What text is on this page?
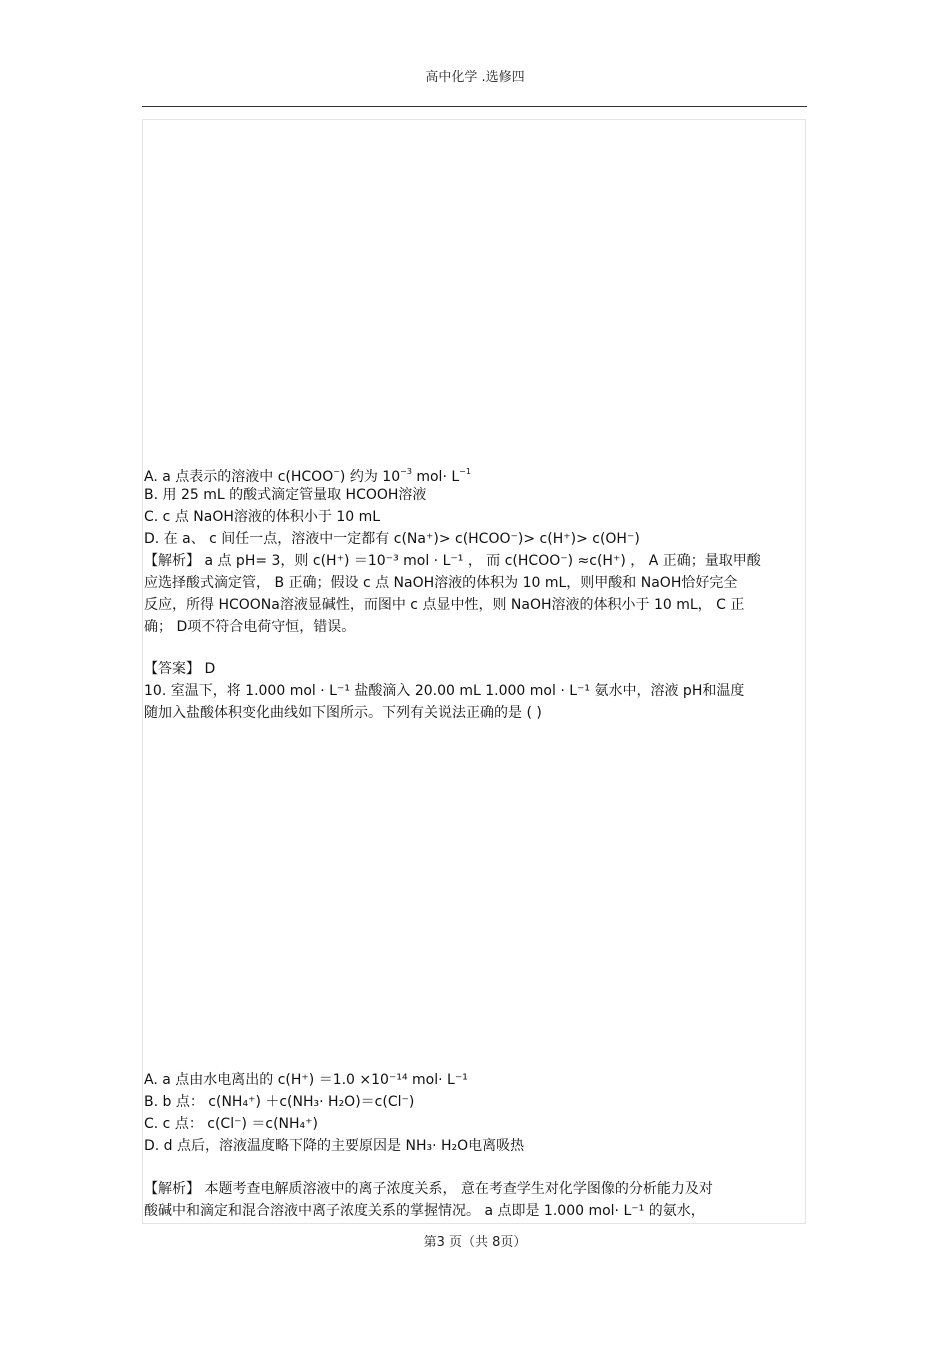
高中化学 .选修四
A. a 点表示的溶液中 c(HCOO−) 约为 $10^{-3}$ $mol\cdot L^{-1}$
B. 用 25 mL 的酸式滴定管量取 HCOOH溶液
C. c 点 NaOH溶液的体积小于 10 mL
D. 在 a、 c 间任一点，溶液中一定都有 c(Na⁺)> c(HCOO⁻)> c(H⁺)> c(OH⁻)
【解析】 a 点 pH= 3，则 c(H⁺) ＝10⁻³ mol · L⁻¹ ， 而 c(HCOO⁻) ≈c(H⁺) ， A 正确；量取甲酸
应选择酸式滴定管， B 正确；假设 c 点 NaOH溶液的体积为 10 mL，则甲酸和 NaOH恰好完全
反应，所得 HCOONa溶液显碱性，而图中 c 点显中性，则 NaOH溶液的体积小于 10 mL， C 正
确； D项不符合电荷守恒，错误。
【答案】 D
10. 室温下，将 1.000 mol · L⁻¹ 盐酸滴入 20.00 mL 1.000 mol · L⁻¹ 氨水中，溶液 pH和温度
随加入盐酸体积变化曲线如下图所示。下列有关说法正确的是 ( )
A. a 点由水电离出的 c(H⁺) ＝1.0 ×10⁻¹⁴ mol· L⁻¹
B. b 点： c(NH₄⁺) ＋c(NH₃· H₂O)＝c(Cl⁻)
C. c 点： c(Cl⁻) ＝c(NH₄⁺)
D. d 点后，溶液温度略下降的主要原因是 NH₃· H₂O电离吸热
【解析】 本题考查电解质溶液中的离子浓度关系， 意在考查学生对化学图像的分析能力及对
酸碱中和滴定和混合溶液中离子浓度关系的掌握情况。 a 点即是 1.000 mol· L⁻¹ 的氨水，
第3 页（共 8页）
